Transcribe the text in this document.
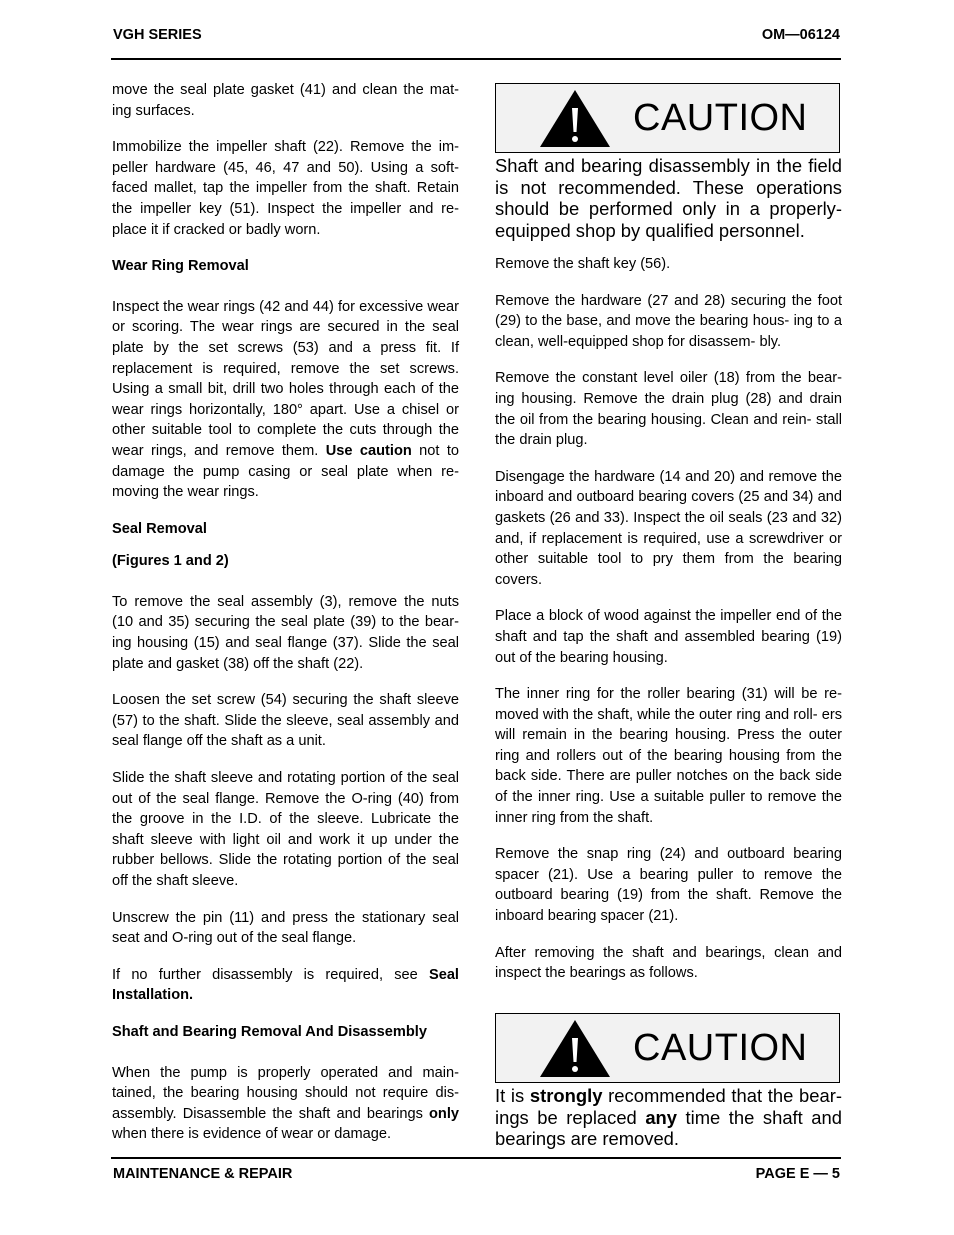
VGH SERIES	OM—06124

move the seal plate gasket (41) and clean the mat- ing surfaces.

Immobilize the impeller shaft (22). Remove the im- peller hardware (45, 46, 47 and 50). Using a soft- faced mallet, tap the impeller from the shaft. Retain the impeller key (51). Inspect the impeller and re- place it if cracked or badly worn.

Wear Ring Removal

Inspect the wear rings (42 and 44) for excessive wear or scoring. The wear rings are secured in the seal plate by the set screws (53) and a press fit. If replacement is required, remove the set screws. Using a small bit, drill two holes through each of the wear rings horizontally, 180° apart. Use a chisel or other suitable tool to complete the cuts through the wear rings, and remove them. Use caution not to damage the pump casing or seal plate when re- moving the wear rings.

Seal Removal

(Figures 1 and 2)

To remove the seal assembly (3), remove the nuts (10 and 35) securing the seal plate (39) to the bear- ing housing (15) and seal flange (37). Slide the seal plate and gasket (38) off the shaft (22).

Loosen the set screw (54) securing the shaft sleeve (57) to the shaft. Slide the sleeve, seal assembly and seal flange off the shaft as a unit.

Slide the shaft sleeve and rotating portion of the seal out of the seal flange. Remove the O-ring (40) from the groove in the I.D. of the sleeve. Lubricate the shaft sleeve with light oil and work it up under the rubber bellows. Slide the rotating portion of the seal off the shaft sleeve.

Unscrew the pin (11) and press the stationary seal seat and O-ring out of the seal flange.

If no further disassembly is required, see Seal Installation.

Shaft and Bearing Removal And Disassembly

When the pump is properly operated and main- tained, the bearing housing should not require dis- assembly. Disassemble the shaft and bearings only when there is evidence of wear or damage.

CAUTION
Shaft and bearing disassembly in the field is not recommended. These operations should be performed only in a properly- equipped shop by qualified personnel.

Remove the shaft key (56).

Remove the hardware (27 and 28) securing the foot (29) to the base, and move the bearing hous- ing to a clean, well-equipped shop for disassem- bly.

Remove the constant level oiler (18) from the bear- ing housing. Remove the drain plug (28) and drain the oil from the bearing housing. Clean and rein- stall the drain plug.

Disengage the hardware (14 and 20) and remove the inboard and outboard bearing covers (25 and 34) and gaskets (26 and 33). Inspect the oil seals (23 and 32) and, if replacement is required, use a screwdriver or other suitable tool to pry them from the bearing covers.

Place a block of wood against the impeller end of the shaft and tap the shaft and assembled bearing (19) out of the bearing housing.

The inner ring for the roller bearing (31) will be re- moved with the shaft, while the outer ring and roll- ers will remain in the bearing housing. Press the outer ring and rollers out of the bearing housing from the back side. There are puller notches on the back side of the inner ring. Use a suitable puller to remove the inner ring from the shaft.

Remove the snap ring (24) and outboard bearing spacer (21). Use a bearing puller to remove the outboard bearing (19) from the shaft. Remove the inboard bearing spacer (21).

After removing the shaft and bearings, clean and inspect the bearings as follows.

CAUTION
It is strongly recommended that the bear- ings be replaced any time the shaft and bearings are removed.
MAINTENANCE & REPAIR	PAGE E — 5
